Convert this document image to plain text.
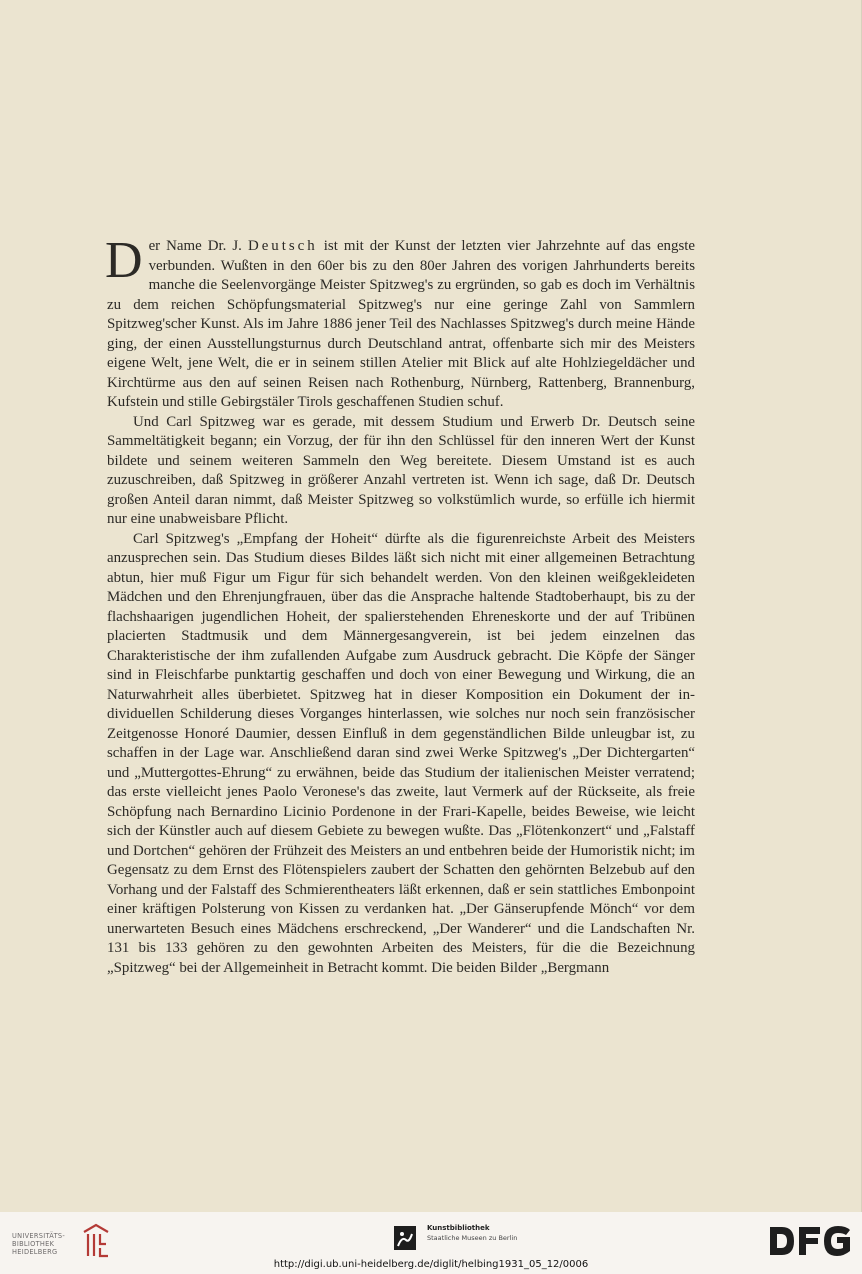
Der Name Dr. J. Deutsch ist mit der Kunst der letzten vier Jahrzehnte auf das engste verbunden. Wußten in den 60er bis zu den 80er Jahren des vorigen Jahrhunderts bereits manche die Seelenvorgänge Meister Spitzweg's zu ergründen, so gab es doch im Verhältnis zu dem reichen Schöpfungsmaterial Spitzweg's nur eine geringe Zahl von Sammlern Spitzweg'scher Kunst. Als im Jahre 1886 jener Teil des Nachlasses Spitzweg's durch meine Hände ging, der einen Ausstellungsturnus durch Deutschland antrat, offenbarte sich mir des Meisters eigene Welt, jene Welt, die er in seinem stillen Atelier mit Blick auf alte Hohlziegeldächer und Kirchtürme aus den auf seinen Reisen nach Rothenburg, Nürnberg, Rattenberg, Brannenburg, Kufstein und stille Gebirgstäler Tirols geschaffenen Studien schuf.

Und Carl Spitzweg war es gerade, mit dessem Studium und Erwerb Dr. Deutsch seine Sammeltätigkeit begann; ein Vorzug, der für ihn den Schlüssel für den inneren Wert der Kunst bildete und seinem weiteren Sammeln den Weg bereitete. Diesem Umstand ist es auch zuzuschreiben, daß Spitzweg in größerer Anzahl vertreten ist. Wenn ich sage, daß Dr. Deutsch großen Anteil daran nimmt, daß Meister Spitzweg so volkstümlich wurde, so erfülle ich hiermit nur eine unabweisbare Pflicht.

Carl Spitzweg's „Empfang der Hoheit“ dürfte als die figurenreichste Arbeit des Meisters anzusprechen sein. Das Studium dieses Bildes läßt sich nicht mit einer allgemeinen Betrachtung abtun, hier muß Figur um Figur für sich behandelt werden. Von den kleinen weißgekleideten Mädchen und den Ehrenjungfrauen, über das die Ansprache haltende Stadtoberhaupt, bis zu der flachshaarigen jugendlichen Hoheit, der spalierstehenden Ehreneskorte und der auf Tribünen placierten Stadtmusik und dem Männergesangverein, ist bei jedem einzelnen das Charakteristische der ihm zufallenden Aufgabe zum Ausdruck gebracht. Die Köpfe der Sänger sind in Fleischfarbe punktartig geschaffen und doch von einer Bewegung und Wirkung, die an Naturwahrheit alles überbietet. Spitzweg hat in dieser Komposition ein Dokument der individuellen Schilderung dieses Vorganges hinterlassen, wie solches nur noch sein französischer Zeitgenosse Honoré Daumier, dessen Einfluß in dem gegenständlichen Bilde unleugbar ist, zu schaffen in der Lage war. Anschließend daran sind zwei Werke Spitzweg's „Der Dichtergarten“ und „Muttergottes-Ehrung“ zu erwähnen, beide das Studium der italienischen Meister verratend; das erste vielleicht jenes Paolo Veronese's das zweite, laut Vermerk auf der Rückseite, als freie Schöpfung nach Bernardino Licinio Pordenone in der Frari-Kapelle, beides Beweise, wie leicht sich der Künstler auch auf diesem Gebiete zu bewegen wußte. Das „Flötenkonzert“ und „Falstaff und Dortchen“ gehören der Frühzeit des Meisters an und entbehren beide der Humoristik nicht; im Gegensatz zu dem Ernst des Flötenspielers zaubert der Schatten den gehörnten Belzebub auf den Vorhang und der Falstaff des Schmierentheaters läßt erkennen, daß er sein stattliches Embonpoint einer kräftigen Polsterung von Kissen zu verdanken hat. „Der Gänserupfende Mönch“ vor dem unerwarteten Besuch eines Mädchens erschreckend, „Der Wanderer“ und die Landschaften Nr. 131 bis 133 gehören zu den gewohnten Arbeiten des Meisters, für die die Bezeichnung „Spitzweg“ bei der Allgemeinheit in Betracht kommt. Die beiden Bilder „Bergmann

UNIVERSITÄTS-
BIBLIOTHEK
HEIDELBERG
Kunstbibliothek
Staatliche Museen zu Berlin
http://digi.ub.uni-heidelberg.de/diglit/helbing1931_05_12/0006
